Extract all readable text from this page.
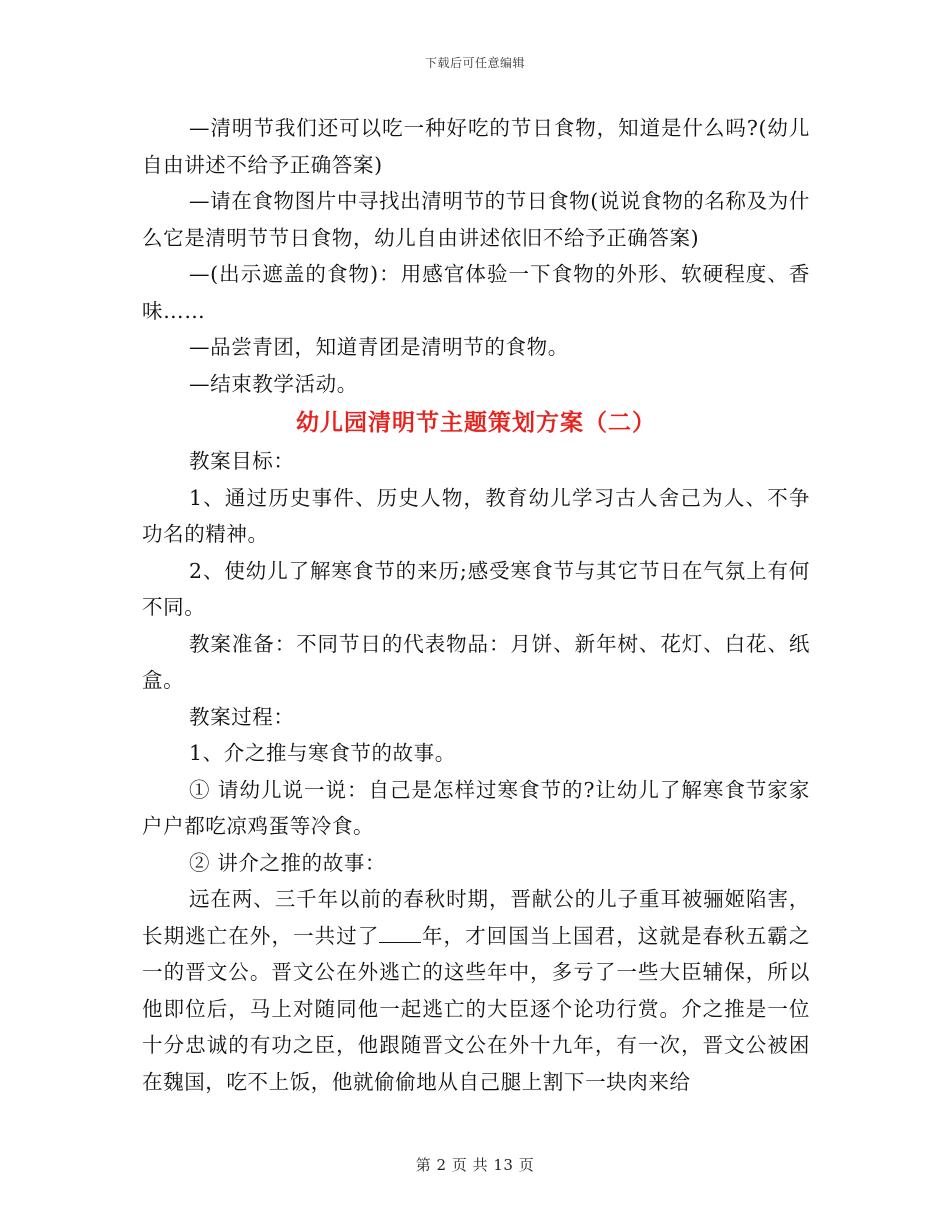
下载后可任意编辑

—清明节我们还可以吃一种好吃的节日食物，知道是什么吗?(幼儿自由讲述不给予正确答案)

—请在食物图片中寻找出清明节的节日食物(说说食物的名称及为什么它是清明节节日食物，幼儿自由讲述依旧不给予正确答案)

—(出示遮盖的食物)：用感官体验一下食物的外形、软硬程度、香味……

—品尝青团，知道青团是清明节的食物。

—结束教学活动。

幼儿园清明节主题策划方案（二）

教案目标：

1、通过历史事件、历史人物，教育幼儿学习古人舍己为人、不争功名的精神。

2、使幼儿了解寒食节的来历;感受寒食节与其它节日在气氛上有何不同。

教案准备：不同节日的代表物品：月饼、新年树、花灯、白花、纸盒。

教案过程：

1、介之推与寒食节的故事。

① 请幼儿说一说：自己是怎样过寒食节的?让幼儿了解寒食节家家户户都吃凉鸡蛋等冷食。

② 讲介之推的故事：

远在两、三千年以前的春秋时期，晋献公的儿子重耳被骊姬陷害，长期逃亡在外，一共过了 年，才回国当上国君，这就是春秋五霸之一的晋文公。晋文公在外逃亡的这些年中，多亏了一些大臣辅保，所以他即位后，马上对随同他一起逃亡的大臣逐个论功行赏。介之推是一位十分忠诚的有功之臣，他跟随晋文公在外十九年，有一次，晋文公被困在魏国，吃不上饭，他就偷偷地从自己腿上割下一块肉来给

第 2 页 共 13 页
